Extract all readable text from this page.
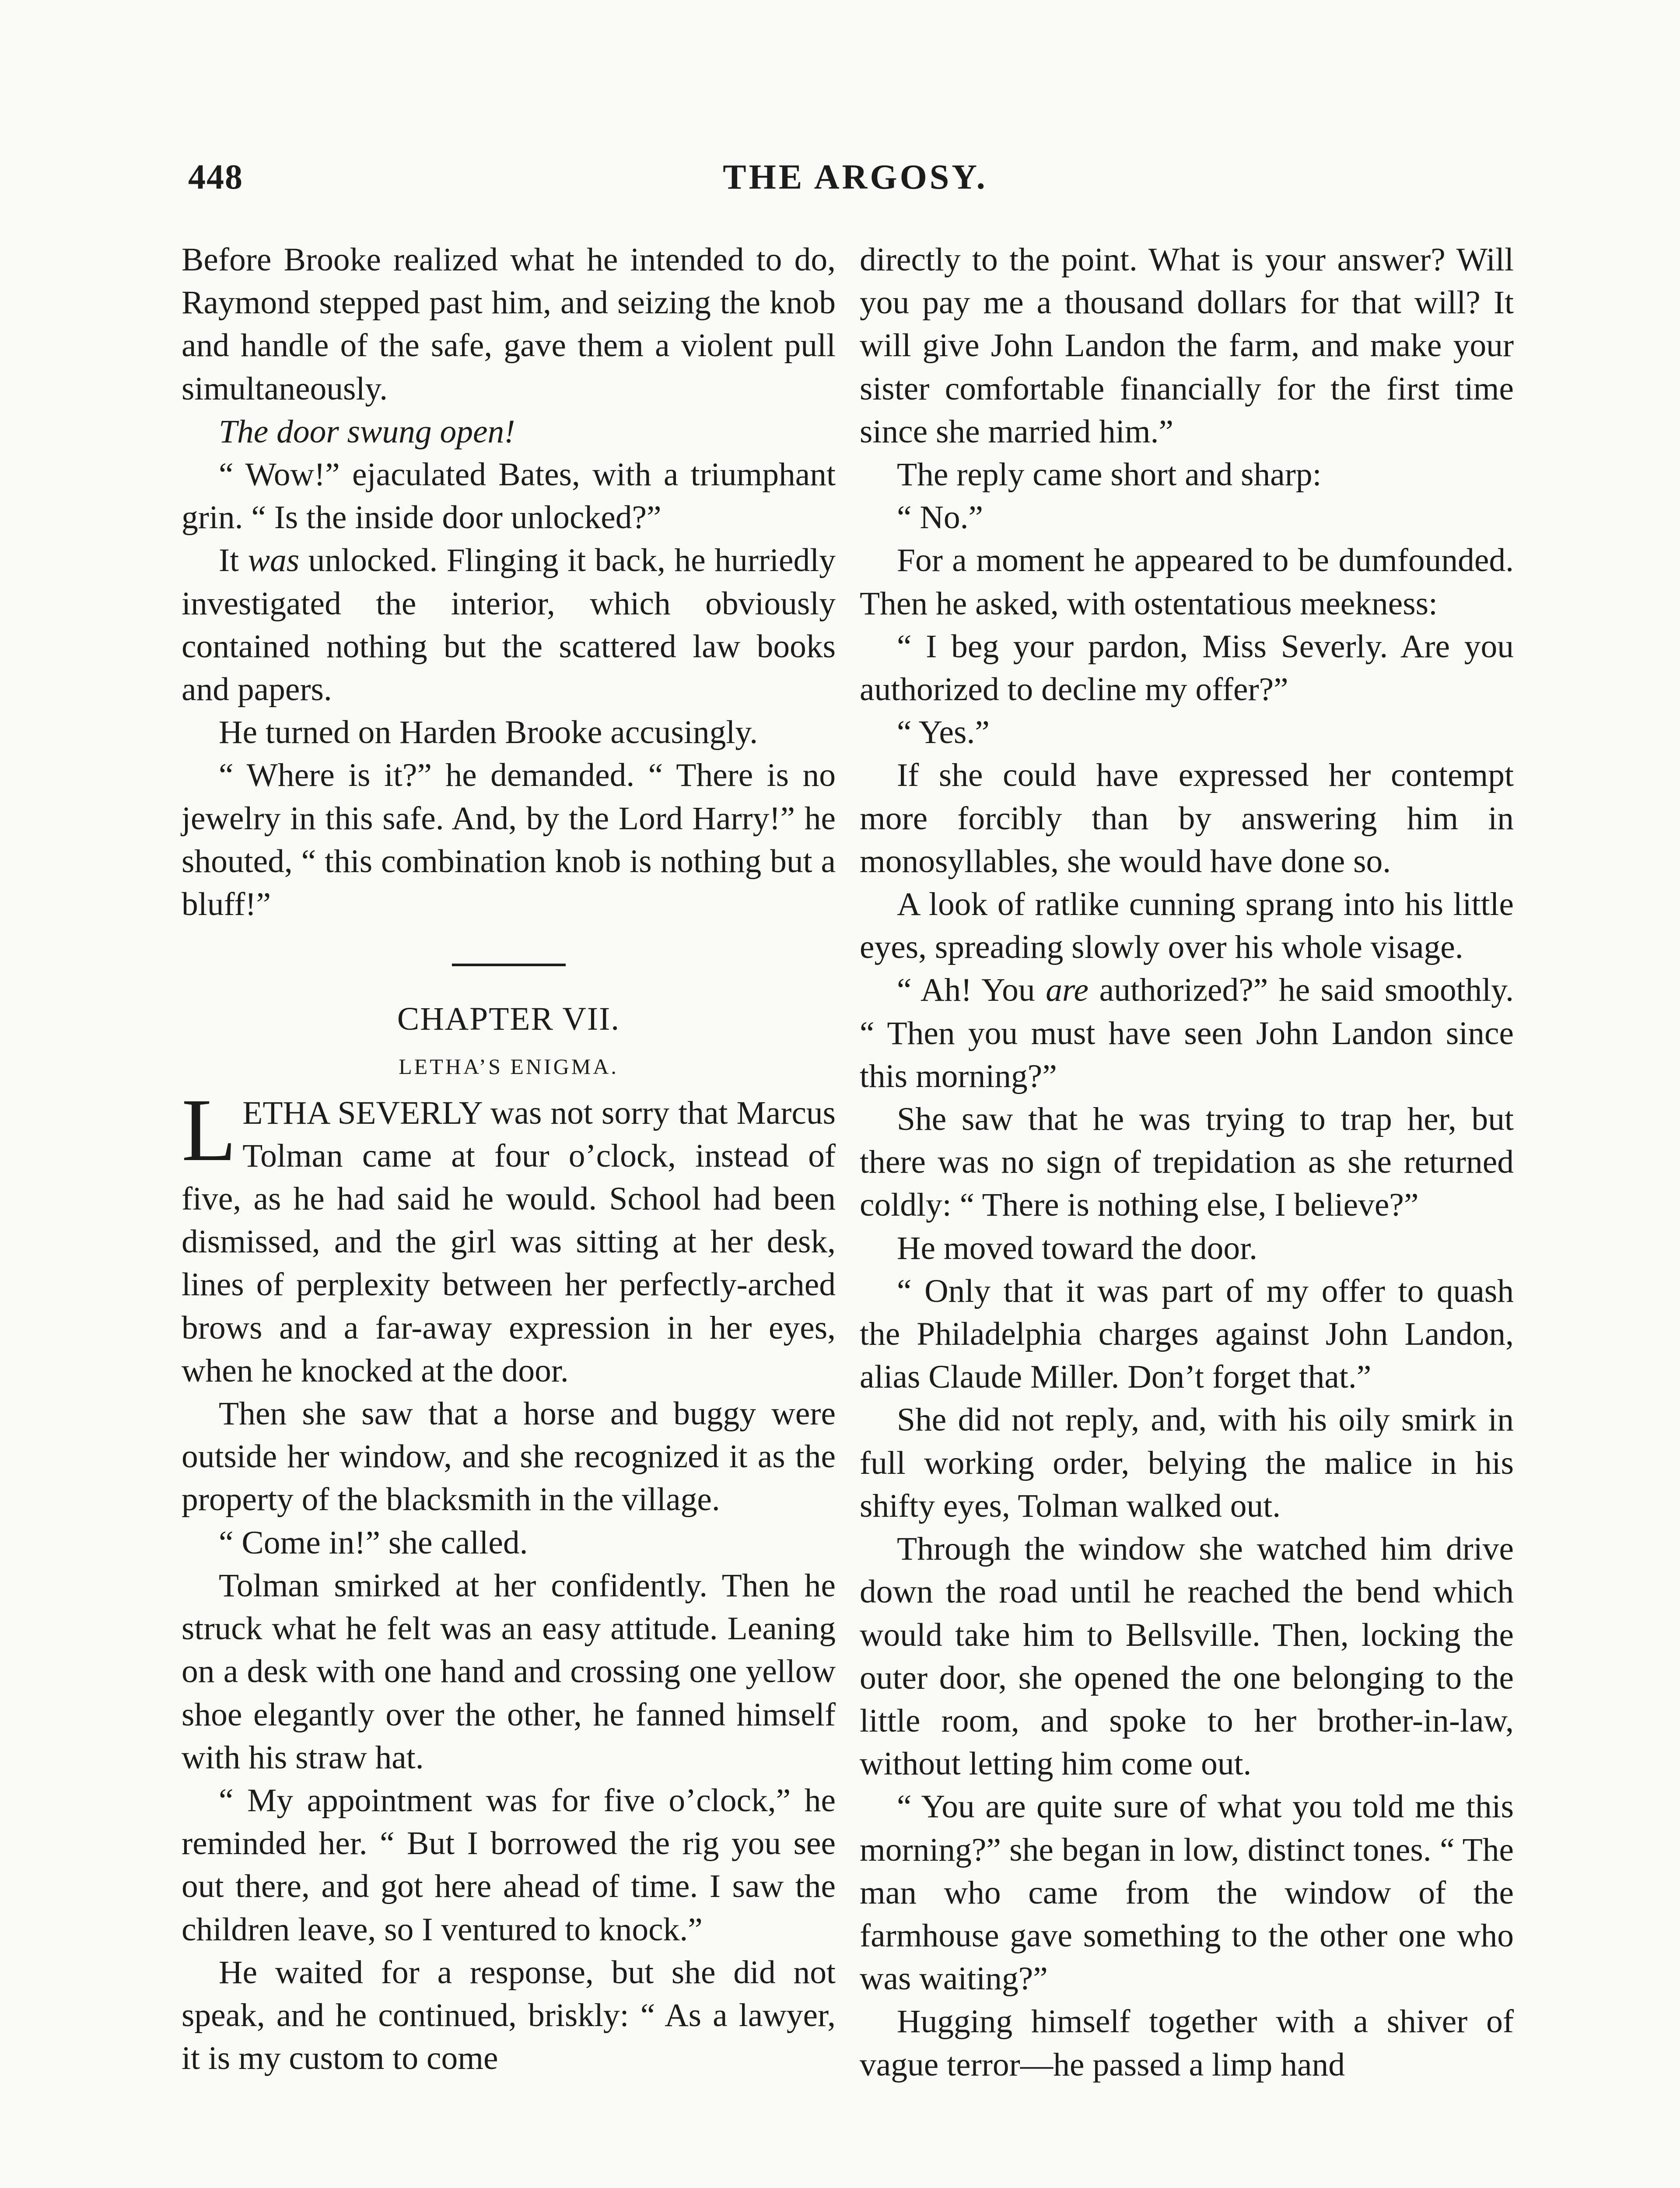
448	THE ARGOSY.

Before Brooke realized what he intended to do, Raymond stepped past him, and seizing the knob and handle of the safe, gave them a violent pull simultaneously.

The door swung open!

“ Wow!” ejaculated Bates, with a triumphant grin. “ Is the inside door unlocked?”

It was unlocked. Flinging it back, he hurriedly investigated the interior, which obviously contained nothing but the scattered law books and papers.

He turned on Harden Brooke accusingly.

“ Where is it?” he demanded. “ There is no jewelry in this safe. And, by the Lord Harry!” he shouted, “ this combination knob is nothing but a bluff!”

CHAPTER VII.
LETHA’S ENIGMA.

LETHA SEVERLY was not sorry that Marcus Tolman came at four o’clock, instead of five, as he had said he would. School had been dismissed, and the girl was sitting at her desk, lines of perplexity between her perfectly-arched brows and a far-away expression in her eyes, when he knocked at the door.

Then she saw that a horse and buggy were outside her window, and she recognized it as the property of the blacksmith in the village.

“ Come in!” she called.

Tolman smirked at her confidently. Then he struck what he felt was an easy attitude. Leaning on a desk with one hand and crossing one yellow shoe elegantly over the other, he fanned himself with his straw hat.

“ My appointment was for five o’clock,” he reminded her. “ But I borrowed the rig you see out there, and got here ahead of time. I saw the children leave, so I ventured to knock.”

He waited for a response, but she did not speak, and he continued, briskly: “ As a lawyer, it is my custom to come

directly to the point. What is your answer? Will you pay me a thousand dollars for that will? It will give John Landon the farm, and make your sister comfortable financially for the first time since she married him.”

The reply came short and sharp:

“ No.”

For a moment he appeared to be dumfounded. Then he asked, with ostentatious meekness:

“ I beg your pardon, Miss Severly. Are you authorized to decline my offer?”

“ Yes.”

If she could have expressed her contempt more forcibly than by answering him in monosyllables, she would have done so.

A look of ratlike cunning sprang into his little eyes, spreading slowly over his whole visage.

“ Ah! You are authorized?” he said smoothly. “ Then you must have seen John Landon since this morning?”

She saw that he was trying to trap her, but there was no sign of trepidation as she returned coldly: “ There is nothing else, I believe?”

He moved toward the door.

“ Only that it was part of my offer to quash the Philadelphia charges against John Landon, alias Claude Miller. Don’t forget that.”

She did not reply, and, with his oily smirk in full working order, belying the malice in his shifty eyes, Tolman walked out.

Through the window she watched him drive down the road until he reached the bend which would take him to Bellsville. Then, locking the outer door, she opened the one belonging to the little room, and spoke to her brother-in-law, without letting him come out.

“ You are quite sure of what you told me this morning?” she began in low, distinct tones. “ The man who came from the window of the farmhouse gave something to the other one who was waiting?”

Hugging himself together with a shiver of vague terror—he passed a limp hand
